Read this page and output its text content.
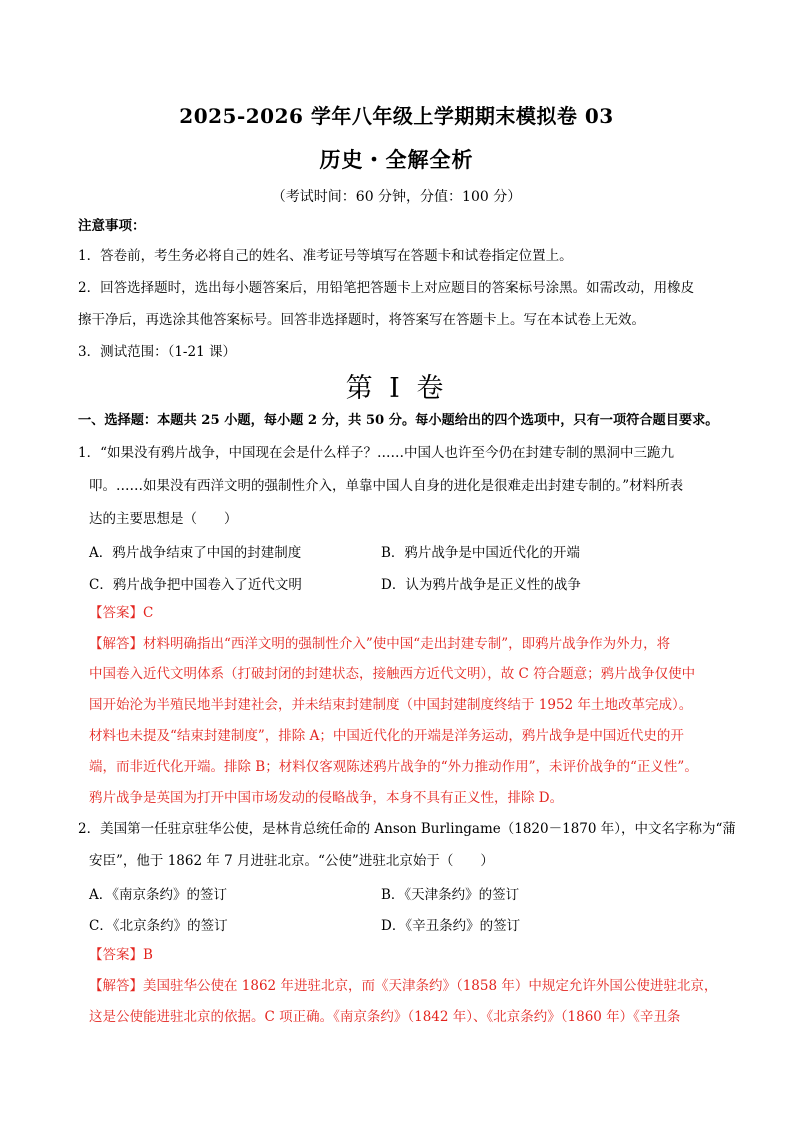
2025-2026 学年八年级上学期期末模拟卷 03
历史・全解全析
（考试时间：60 分钟，分值：100 分）
注意事项：
1．答卷前，考生务必将自己的姓名、准考证号等填写在答题卡和试卷指定位置上。
2．回答选择题时，选出每小题答案后，用铅笔把答题卡上对应题目的答案标号涂黑。如需改动，用橡皮
擦干净后，再选涂其他答案标号。回答非选择题时，将答案写在答题卡上。写在本试卷上无效。
3．测试范围：（1-21 课）
第 I 卷
一、选择题：本题共 25 小题，每小题 2 分，共 50 分。每小题给出的四个选项中，只有一项符合题目要求。
1．“如果没有鸦片战争，中国现在会是什么样子？……中国人也许至今仍在封建专制的黑洞中三跪九
叩。……如果没有西洋文明的强制性介入，单靠中国人自身的进化是很难走出封建专制的。”材料所表
达的主要思想是（　　）
A．鸦片战争结束了中国的封建制度	B．鸦片战争是中国近代化的开端
C．鸦片战争把中国卷入了近代文明	D．认为鸦片战争是正义性的战争
【答案】C
【解答】材料明确指出“西洋文明的强制性介入”使中国“走出封建专制”，即鸦片战争作为外力，将
中国卷入近代文明体系（打破封闭的封建状态，接触西方近代文明），故 C 符合题意；鸦片战争仅使中
国开始沦为半殖民地半封建社会，并未结束封建制度（中国封建制度终结于 1952 年土地改革完成）。
材料也未提及“结束封建制度”，排除 A；中国近代化的开端是洋务运动，鸦片战争是中国近代史的开
端，而非近代化开端。排除 B；材料仅客观陈述鸦片战争的“外力推动作用”，未评价战争的“正义性”。
鸦片战争是英国为打开中国市场发动的侵略战争，本身不具有正义性，排除 D。
2．美国第一任驻京驻华公使，是林肯总统任命的 Anson Burlingame（1820－1870 年），中文名字称为“蒲
安臣”，他于 1862 年 7 月进驻北京。“公使”进驻北京始于（　　）
A．《南京条约》的签订	B．《天津条约》的签订
C．《北京条约》的签订	D．《辛丑条约》的签订
【答案】B
【解答】美国驻华公使在 1862 年进驻北京，而《天津条约》（1858 年）中规定允许外国公使进驻北京，
这是公使能进驻北京的依据。C 项正确。《南京条约》（1842 年）、《北京条约》（1860 年）《辛丑条
